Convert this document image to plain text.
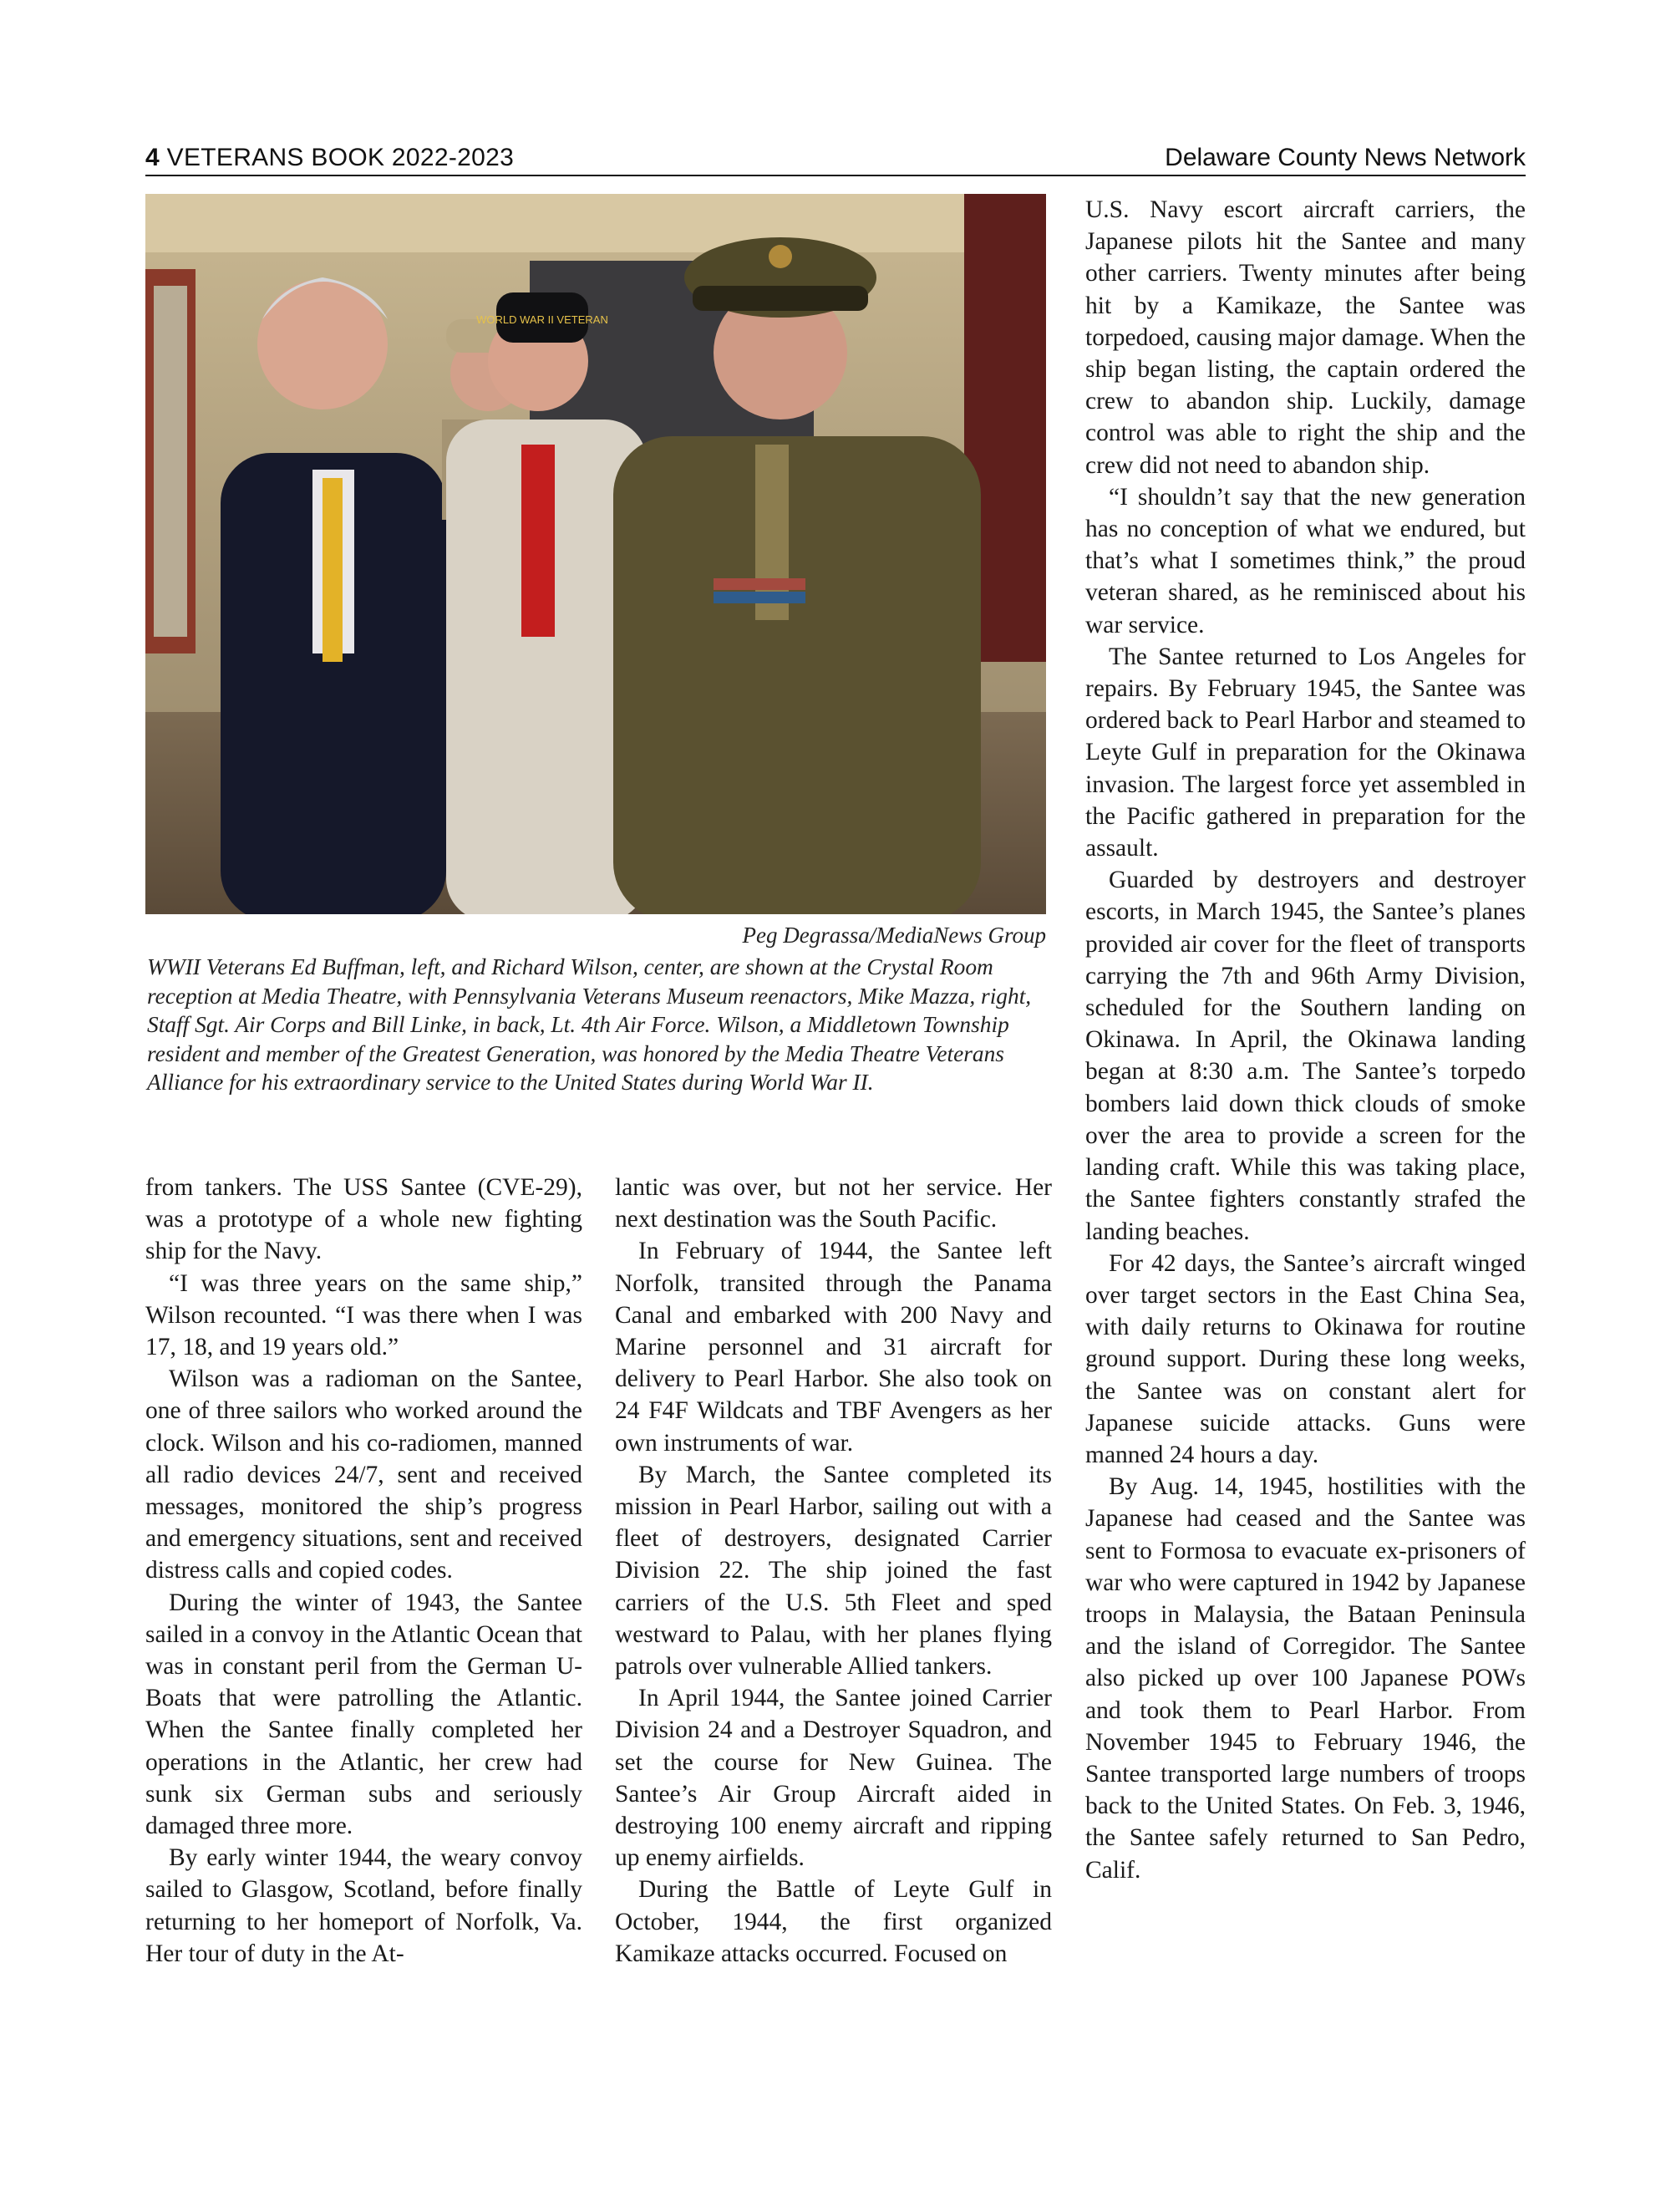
4 VETERANS BOOK 2022-2023	Delaware County News Network
WORLD WAR II VETERAN
Peg Degrassa/MediaNews Group
WWII Veterans Ed Buffman, left, and Richard Wilson, center, are shown at the Crystal Room reception at Media Theatre, with Pennsylvania Veterans Museum reenactors, Mike Mazza, right, Staff Sgt. Air Corps and Bill Linke, in back, Lt. 4th Air Force. Wilson, a Middletown Township resident and member of the Greatest Generation, was honored by the Media Theatre Veterans Alliance for his extraordinary service to the United States during World War II.

from tankers. The USS Santee (CVE-29), was a prototype of a whole new fighting ship for the Navy.

“I was three years on the same ship,” Wilson recounted. “I was there when I was 17, 18, and 19 years old.”

Wilson was a radioman on the Santee, one of three sailors who worked around the clock. Wilson and his co-radiomen, manned all radio devices 24/7, sent and received messages, monitored the ship’s progress and emergency situations, sent and received distress calls and copied codes.

During the winter of 1943, the Santee sailed in a convoy in the Atlantic Ocean that was in constant peril from the German U-Boats that were patrolling the Atlantic. When the Santee finally completed her operations in the Atlantic, her crew had sunk six German subs and seriously damaged three more.

By early winter 1944, the weary convoy sailed to Glasgow, Scotland, before finally returning to her homeport of Norfolk, Va. Her tour of duty in the At-

lantic was over, but not her service. Her next destination was the South Pacific.

In February of 1944, the Santee left Norfolk, transited through the Panama Canal and embarked with 200 Navy and Marine personnel and 31 aircraft for delivery to Pearl Harbor. She also took on 24 F4F Wildcats and TBF Avengers as her own instruments of war.

By March, the Santee completed its mission in Pearl Harbor, sailing out with a fleet of destroyers, designated Carrier Division 22. The ship joined the fast carriers of the U.S. 5th Fleet and sped westward to Palau, with her planes flying patrols over vulnerable Allied tankers.

In April 1944, the Santee joined Carrier Division 24 and a Destroyer Squadron, and set the course for New Guinea. The Santee’s Air Group Aircraft aided in destroying 100 enemy aircraft and ripping up enemy airfields.

During the Battle of Leyte Gulf in October, 1944, the first organized Kamikaze attacks occurred. Focused on

U.S. Navy escort aircraft carriers, the Japanese pilots hit the Santee and many other carriers. Twenty minutes after being hit by a Kamikaze, the Santee was torpedoed, causing major damage. When the ship began listing, the captain ordered the crew to abandon ship. Luckily, damage control was able to right the ship and the crew did not need to abandon ship.

“I shouldn’t say that the new generation has no conception of what we endured, but that’s what I sometimes think,” the proud veteran shared, as he reminisced about his war service.

The Santee returned to Los Angeles for repairs. By February 1945, the Santee was ordered back to Pearl Harbor and steamed to Leyte Gulf in preparation for the Okinawa invasion. The largest force yet assembled in the Pacific gathered in preparation for the assault.

Guarded by destroyers and destroyer escorts, in March 1945, the Santee’s planes provided air cover for the fleet of transports carrying the 7th and 96th Army Division, scheduled for the Southern landing on Okinawa. In April, the Okinawa landing began at 8:30 a.m. The Santee’s torpedo bombers laid down thick clouds of smoke over the area to provide a screen for the landing craft. While this was taking place, the Santee fighters constantly strafed the landing beaches.

For 42 days, the Santee’s aircraft winged over target sectors in the East China Sea, with daily returns to Okinawa for routine ground support. During these long weeks, the Santee was on constant alert for Japanese suicide attacks. Guns were manned 24 hours a day.

By Aug. 14, 1945, hostilities with the Japanese had ceased and the Santee was sent to Formosa to evacuate ex-prisoners of war who were captured in 1942 by Japanese troops in Malaysia, the Bataan Peninsula and the island of Corregidor. The Santee also picked up over 100 Japanese POWs and took them to Pearl Harbor. From November 1945 to February 1946, the Santee transported large numbers of troops back to the United States. On Feb. 3, 1946, the Santee safely returned to San Pedro, Calif.
